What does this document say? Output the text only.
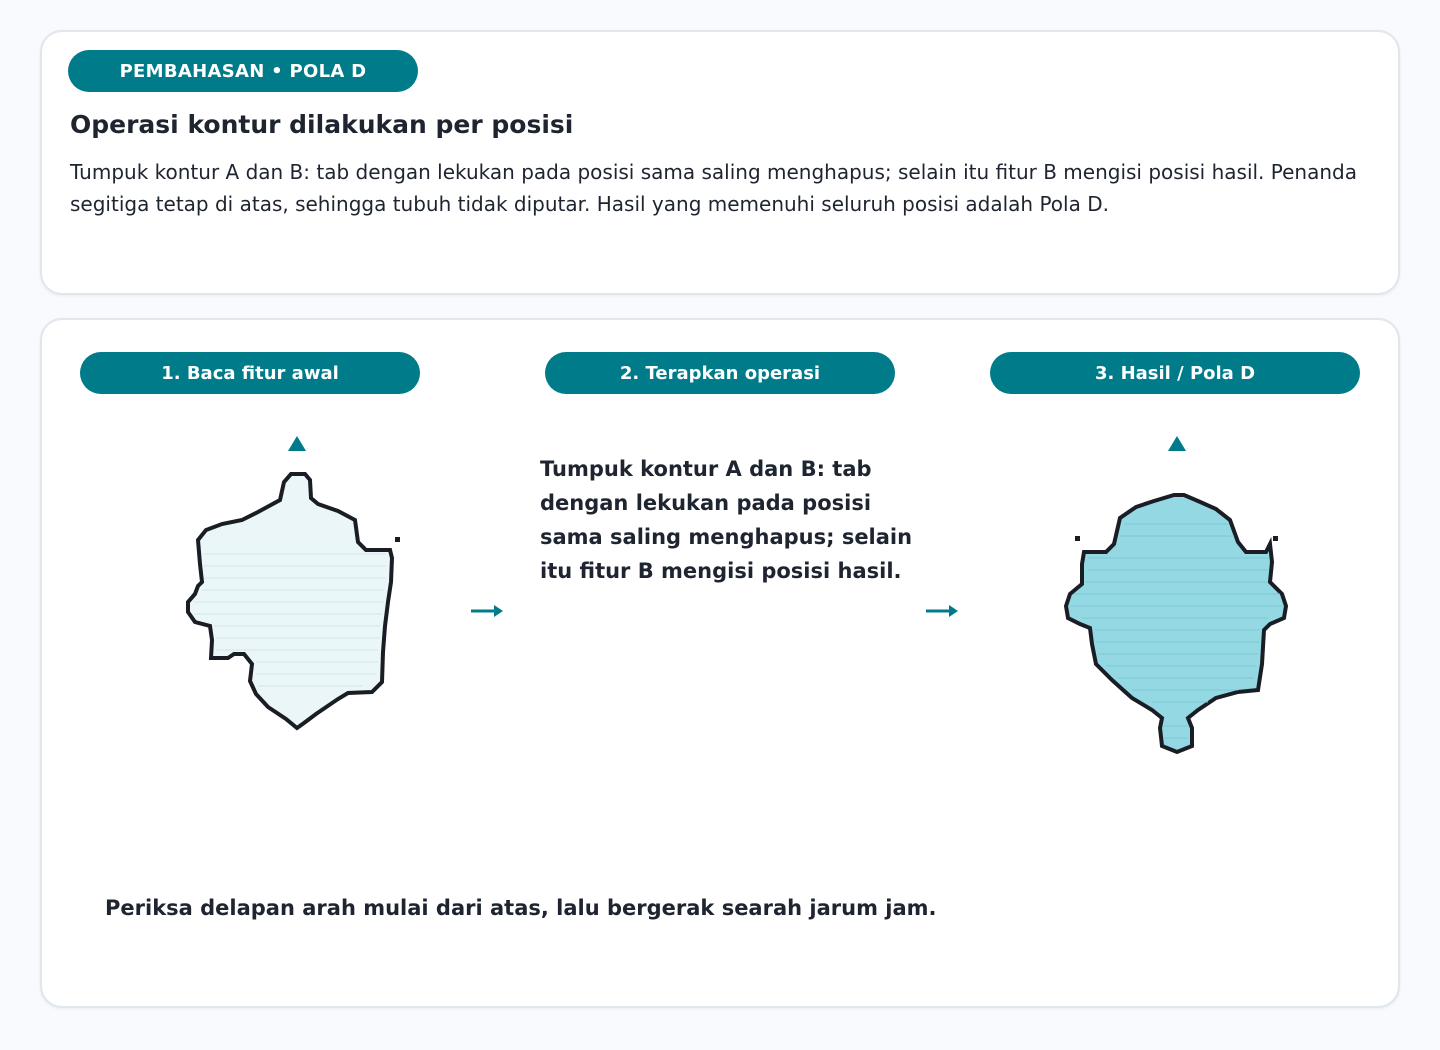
PEMBAHASAN • POLA D
Operasi kontur dilakukan per posisi

Tumpuk kontur A dan B: tab dengan lekukan pada posisi sama saling menghapus; selain itu fitur B mengisi posisi hasil. Penanda segitiga tetap di atas, sehingga tubuh tidak diputar. Hasil yang memenuhi seluruh posisi adalah Pola D.

1. Baca fitur awal	2. Terapkan operasi	3. Hasil / Pola D

Tumpuk kontur A dan B: tab dengan lekukan pada posisi sama saling menghapus; selain itu fitur B mengisi posisi hasil.

Periksa delapan arah mulai dari atas, lalu bergerak searah jarum jam.
